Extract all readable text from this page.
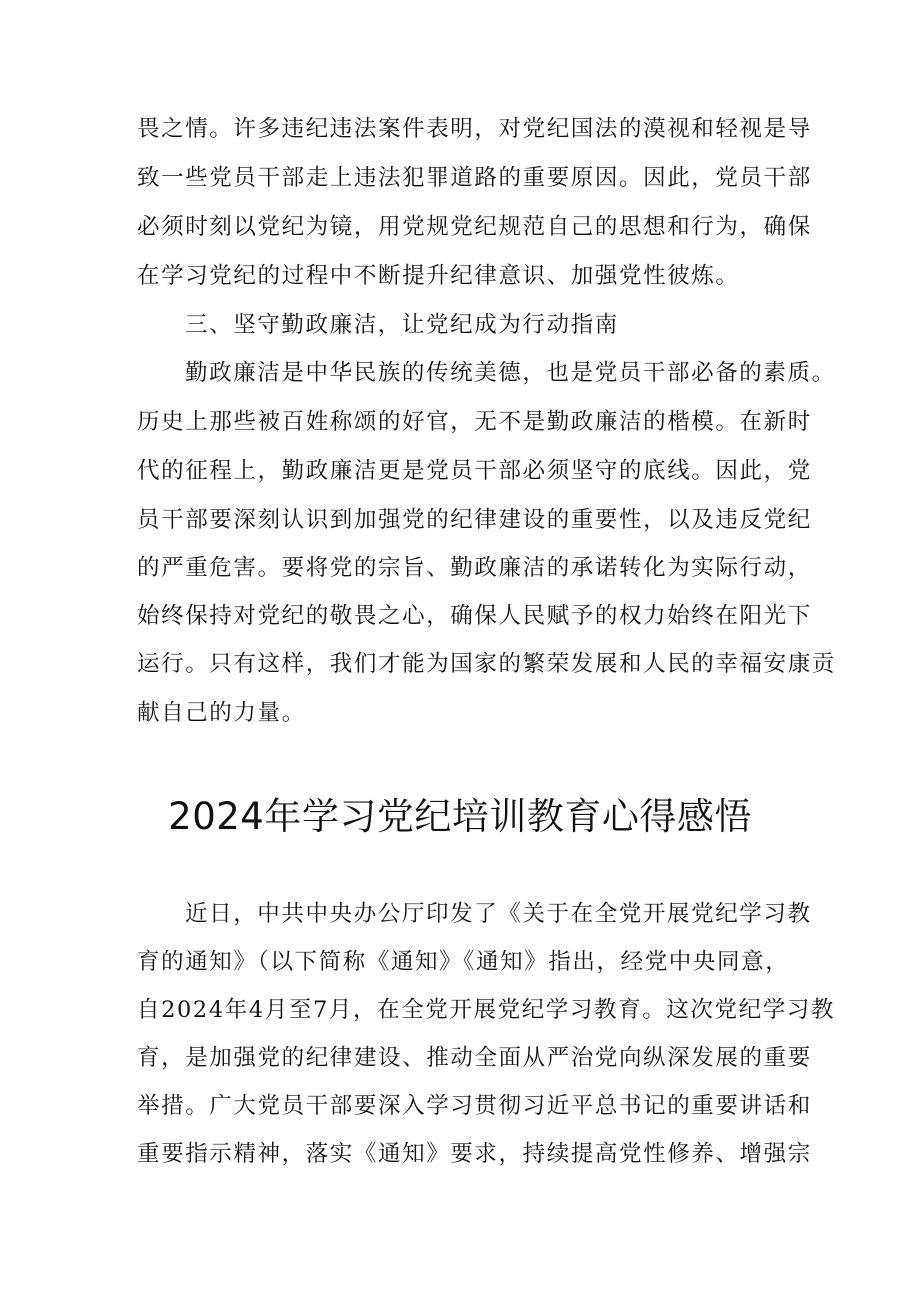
畏之情。许多违纪违法案件表明，对党纪国法的漠视和轻视是导
致一些党员干部走上违法犯罪道路的重要原因。因此，党员干部
必须时刻以党纪为镜，用党规党纪规范自己的思想和行为，确保
在学习党纪的过程中不断提升纪律意识、加强党性彼炼。
三、坚守勤政廉洁，让党纪成为行动指南
勤政廉洁是中华民族的传统美德，也是党员干部必备的素质。
历史上那些被百姓称颂的好官，无不是勤政廉洁的楷模。在新时
代的征程上，勤政廉洁更是党员干部必须坚守的底线。因此，党
员干部要深刻认识到加强党的纪律建设的重要性，以及违反党纪
的严重危害。要将党的宗旨、勤政廉洁的承诺转化为实际行动，
始终保持对党纪的敬畏之心，确保人民赋予的权力始终在阳光下
运行。只有这样，我们才能为国家的繁荣发展和人民的幸福安康贡
献自己的力量。
2024年学习党纪培训教育心得感悟
近日，中共中央办公厅印发了《关于在全党开展党纪学习教
育的通知》（以下简称《通知》《通知》指出，经党中央同意，
自2024年4月至7月，在全党开展党纪学习教育。这次党纪学习教
育，是加强党的纪律建设、推动全面从严治党向纵深发展的重要
举措。广大党员干部要深入学习贯彻习近平总书记的重要讲话和
重要指示精神，落实《通知》要求，持续提高党性修养、增强宗
